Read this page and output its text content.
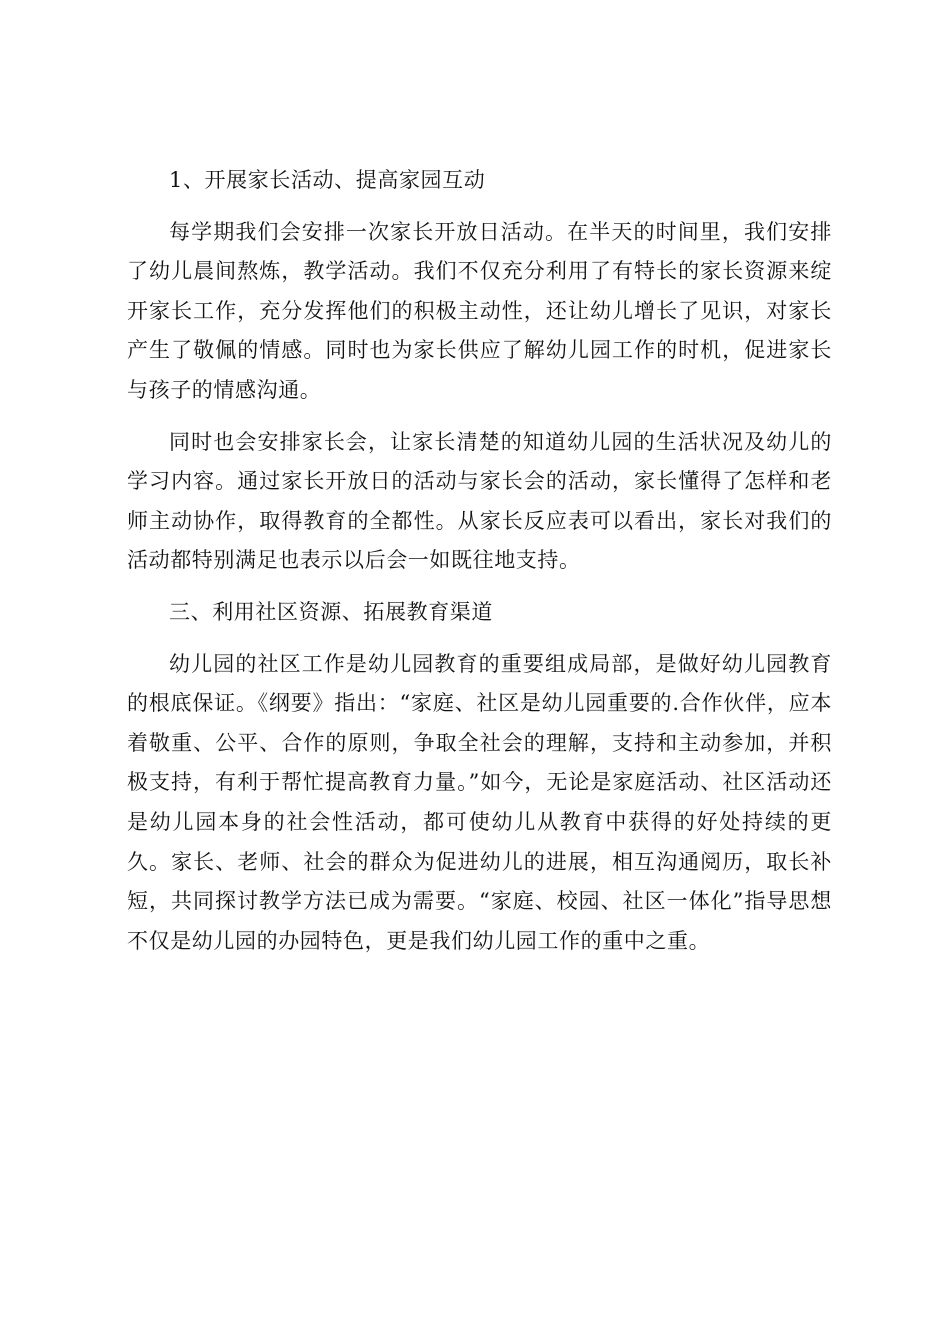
1、开展家长活动、提高家园互动

每学期我们会安排一次家长开放日活动。在半天的时间里，我们安排了幼儿晨间熬炼，教学活动。我们不仅充分利用了有特长的家长资源来绽开家长工作，充分发挥他们的积极主动性，还让幼儿增长了见识，对家长产生了敬佩的情感。同时也为家长供应了解幼儿园工作的时机，促进家长与孩子的情感沟通。

同时也会安排家长会，让家长清楚的知道幼儿园的生活状况及幼儿的学习内容。通过家长开放日的活动与家长会的活动，家长懂得了怎样和老师主动协作，取得教育的全都性。从家长反应表可以看出，家长对我们的活动都特别满足也表示以后会一如既往地支持。

三、利用社区资源、拓展教育渠道

幼儿园的社区工作是幼儿园教育的重要组成局部，是做好幼儿园教育的根底保证。《纲要》指出：“家庭、社区是幼儿园重要的.合作伙伴，应本着敬重、公平、合作的原则，争取全社会的理解，支持和主动参加，并积极支持，有利于帮忙提高教育力量。”如今，无论是家庭活动、社区活动还是幼儿园本身的社会性活动，都可使幼儿从教育中获得的好处持续的更久。家长、老师、社会的群众为促进幼儿的进展，相互沟通阅历，取长补短，共同探讨教学方法已成为需要。“家庭、校园、社区一体化”指导思想不仅是幼儿园的办园特色，更是我们幼儿园工作的重中之重。
